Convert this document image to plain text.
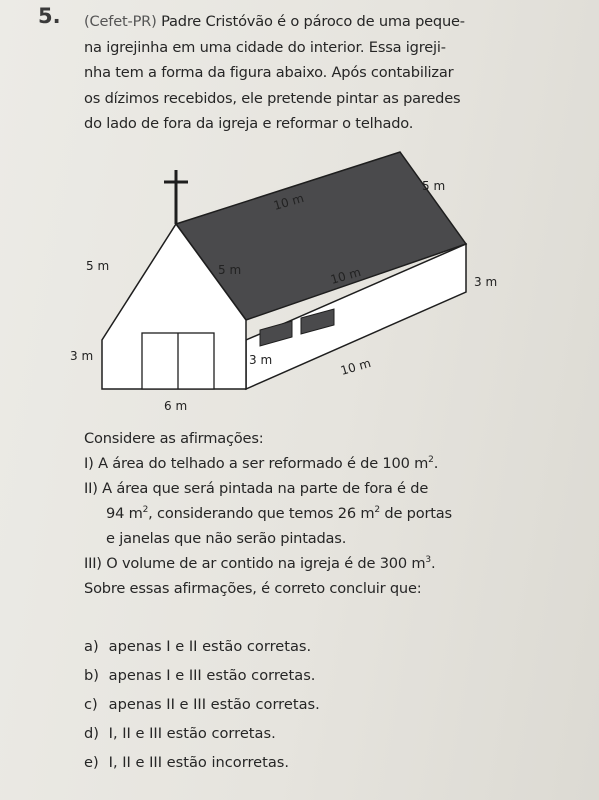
5. (Cefet-PR) Padre Cristóvão é o pároco de uma peque-
na igrejinha em uma cidade do interior. Essa igreji-
nha tem a forma da figura abaixo. Após contabilizar
os dízimos recebidos, ele pretende pintar as paredes
do lado de fora da igreja e reformar o telhado.
10 m
5 m
10 m	3 m
5 m	5 m
3 m	3 m	10 m
6 m
Considere as afirmações:
I) A área do telhado a ser reformado é de 100 $m^2$.
II) A área que será pintada na parte de fora é de
94 $m^2$, considerando que temos 26 $m^2$ de portas
e janelas que não serão pintadas.
III) O volume de ar contido na igreja é de 300 $m^3$.
Sobre essas afirmações, é correto concluir que:
a) apenas I e II estão corretas.
b) apenas I e III estão corretas.
c) apenas II e III estão corretas.
d) I, II e III estão corretas.
e) I, II e III estão incorretas.
